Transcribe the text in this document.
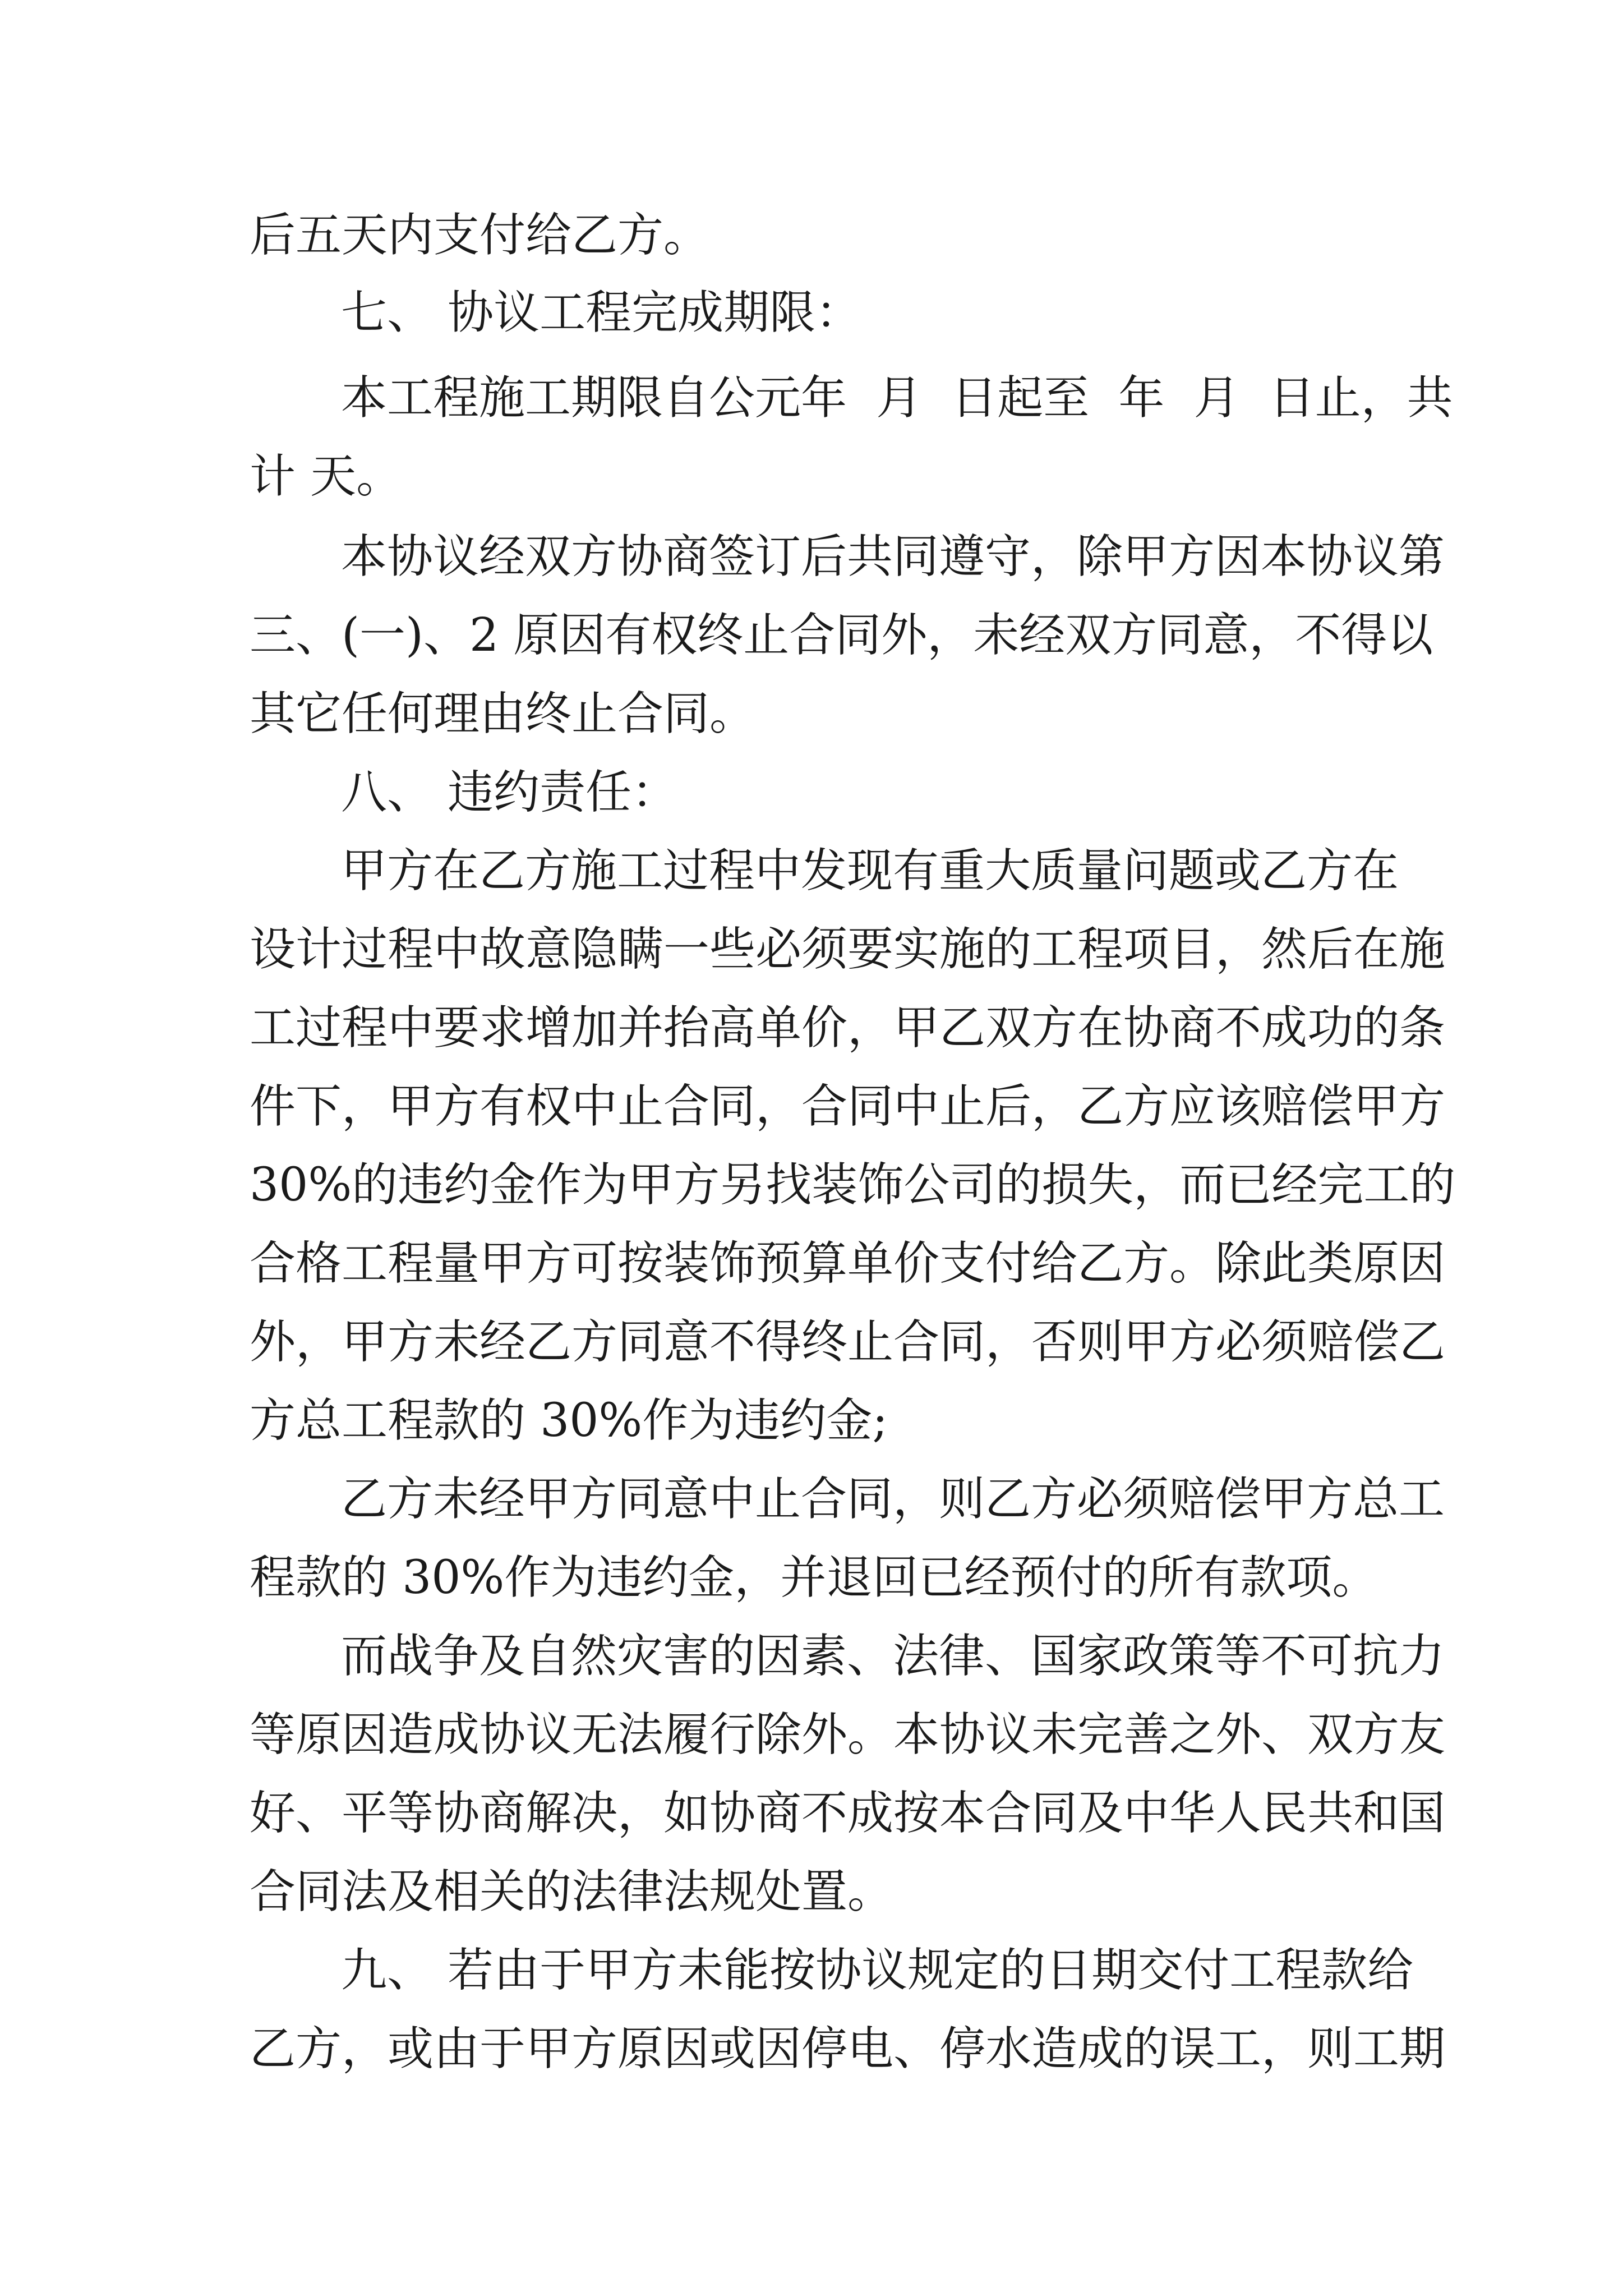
后五天内支付给乙方。
七、 协议工程完成期限：
本工程施工期限自公元年  月  日起至  年  月  日止，共
计 天。
本协议经双方协商签订后共同遵守，除甲方因本协议第
三、(一)、2 原因有权终止合同外，未经双方同意，不得以
其它任何理由终止合同。
八、 违约责任：
甲方在乙方施工过程中发现有重大质量问题或乙方在
设计过程中故意隐瞒一些必须要实施的工程项目，然后在施
工过程中要求增加并抬高单价，甲乙双方在协商不成功的条
件下，甲方有权中止合同，合同中止后，乙方应该赔偿甲方
30%的违约金作为甲方另找装饰公司的损失，而已经完工的
合格工程量甲方可按装饰预算单价支付给乙方。除此类原因
外，甲方未经乙方同意不得终止合同，否则甲方必须赔偿乙
方总工程款的 30%作为违约金;
乙方未经甲方同意中止合同，则乙方必须赔偿甲方总工
程款的 30%作为违约金，并退回已经预付的所有款项。
而战争及自然灾害的因素、法律、国家政策等不可抗力
等原因造成协议无法履行除外。本协议未完善之外、双方友
好、平等协商解决，如协商不成按本合同及中华人民共和国
合同法及相关的法律法规处置。
九、 若由于甲方未能按协议规定的日期交付工程款给
乙方，或由于甲方原因或因停电、停水造成的误工，则工期
